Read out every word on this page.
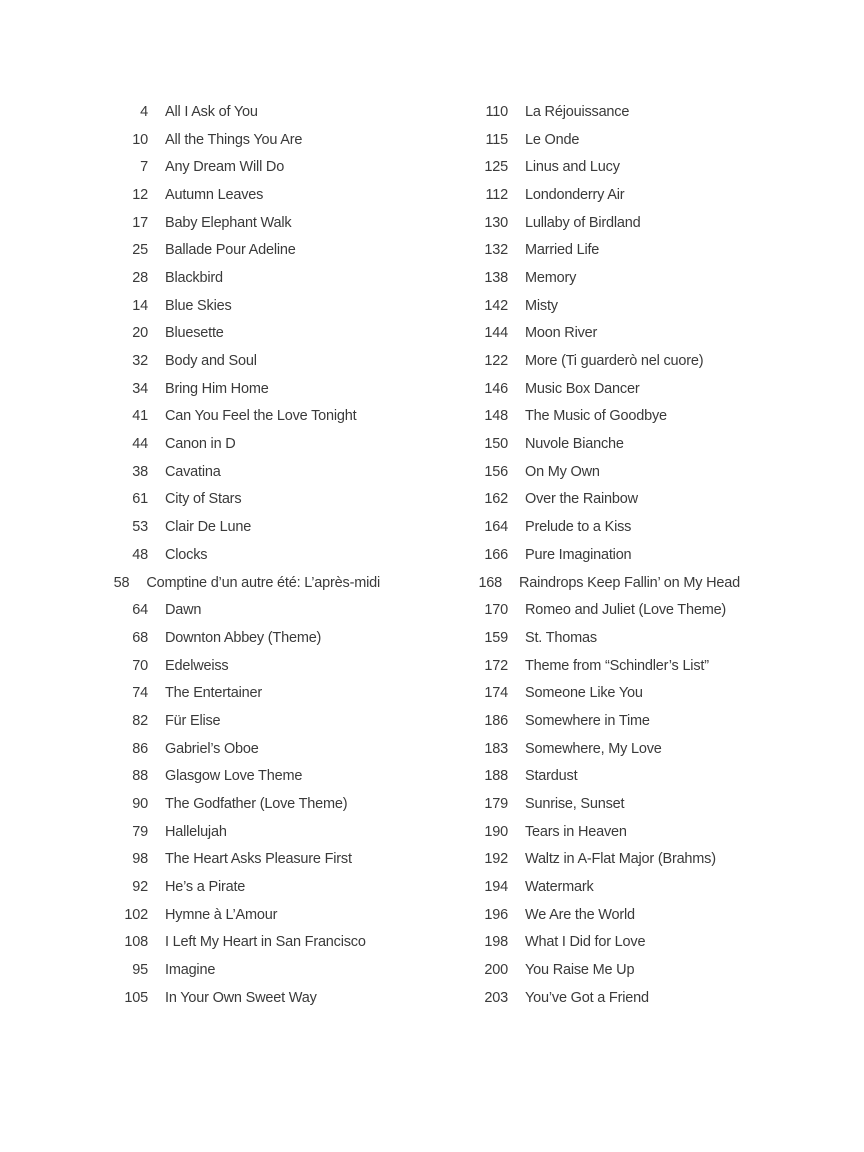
4	All I Ask of You
10	All the Things You Are
7	Any Dream Will Do
12	Autumn Leaves
17	Baby Elephant Walk
25	Ballade Pour Adeline
28	Blackbird
14	Blue Skies
20	Bluesette
32	Body and Soul
34	Bring Him Home
41	Can You Feel the Love Tonight
44	Canon in D
38	Cavatina
61	City of Stars
53	Clair De Lune
48	Clocks
58	Comptine d’un autre été: L’après-midi
64	Dawn
68	Downton Abbey (Theme)
70	Edelweiss
74	The Entertainer
82	Für Elise
86	Gabriel’s Oboe
88	Glasgow Love Theme
90	The Godfather (Love Theme)
79	Hallelujah
98	The Heart Asks Pleasure First
92	He’s a Pirate
102	Hymne à L’Amour
108	I Left My Heart in San Francisco
95	Imagine
105	In Your Own Sweet Way
110	La Réjouissance
115	Le Onde
125	Linus and Lucy
112	Londonderry Air
130	Lullaby of Birdland
132	Married Life
138	Memory
142	Misty
144	Moon River
122	More (Ti guarderò nel cuore)
146	Music Box Dancer
148	The Music of Goodbye
150	Nuvole Bianche
156	On My Own
162	Over the Rainbow
164	Prelude to a Kiss
166	Pure Imagination
168	Raindrops Keep Fallin’ on My Head
170	Romeo and Juliet (Love Theme)
159	St. Thomas
172	Theme from “Schindler’s List”
174	Someone Like You
186	Somewhere in Time
183	Somewhere, My Love
188	Stardust
179	Sunrise, Sunset
190	Tears in Heaven
192	Waltz in A-Flat Major (Brahms)
194	Watermark
196	We Are the World
198	What I Did for Love
200	You Raise Me Up
203	You’ve Got a Friend
